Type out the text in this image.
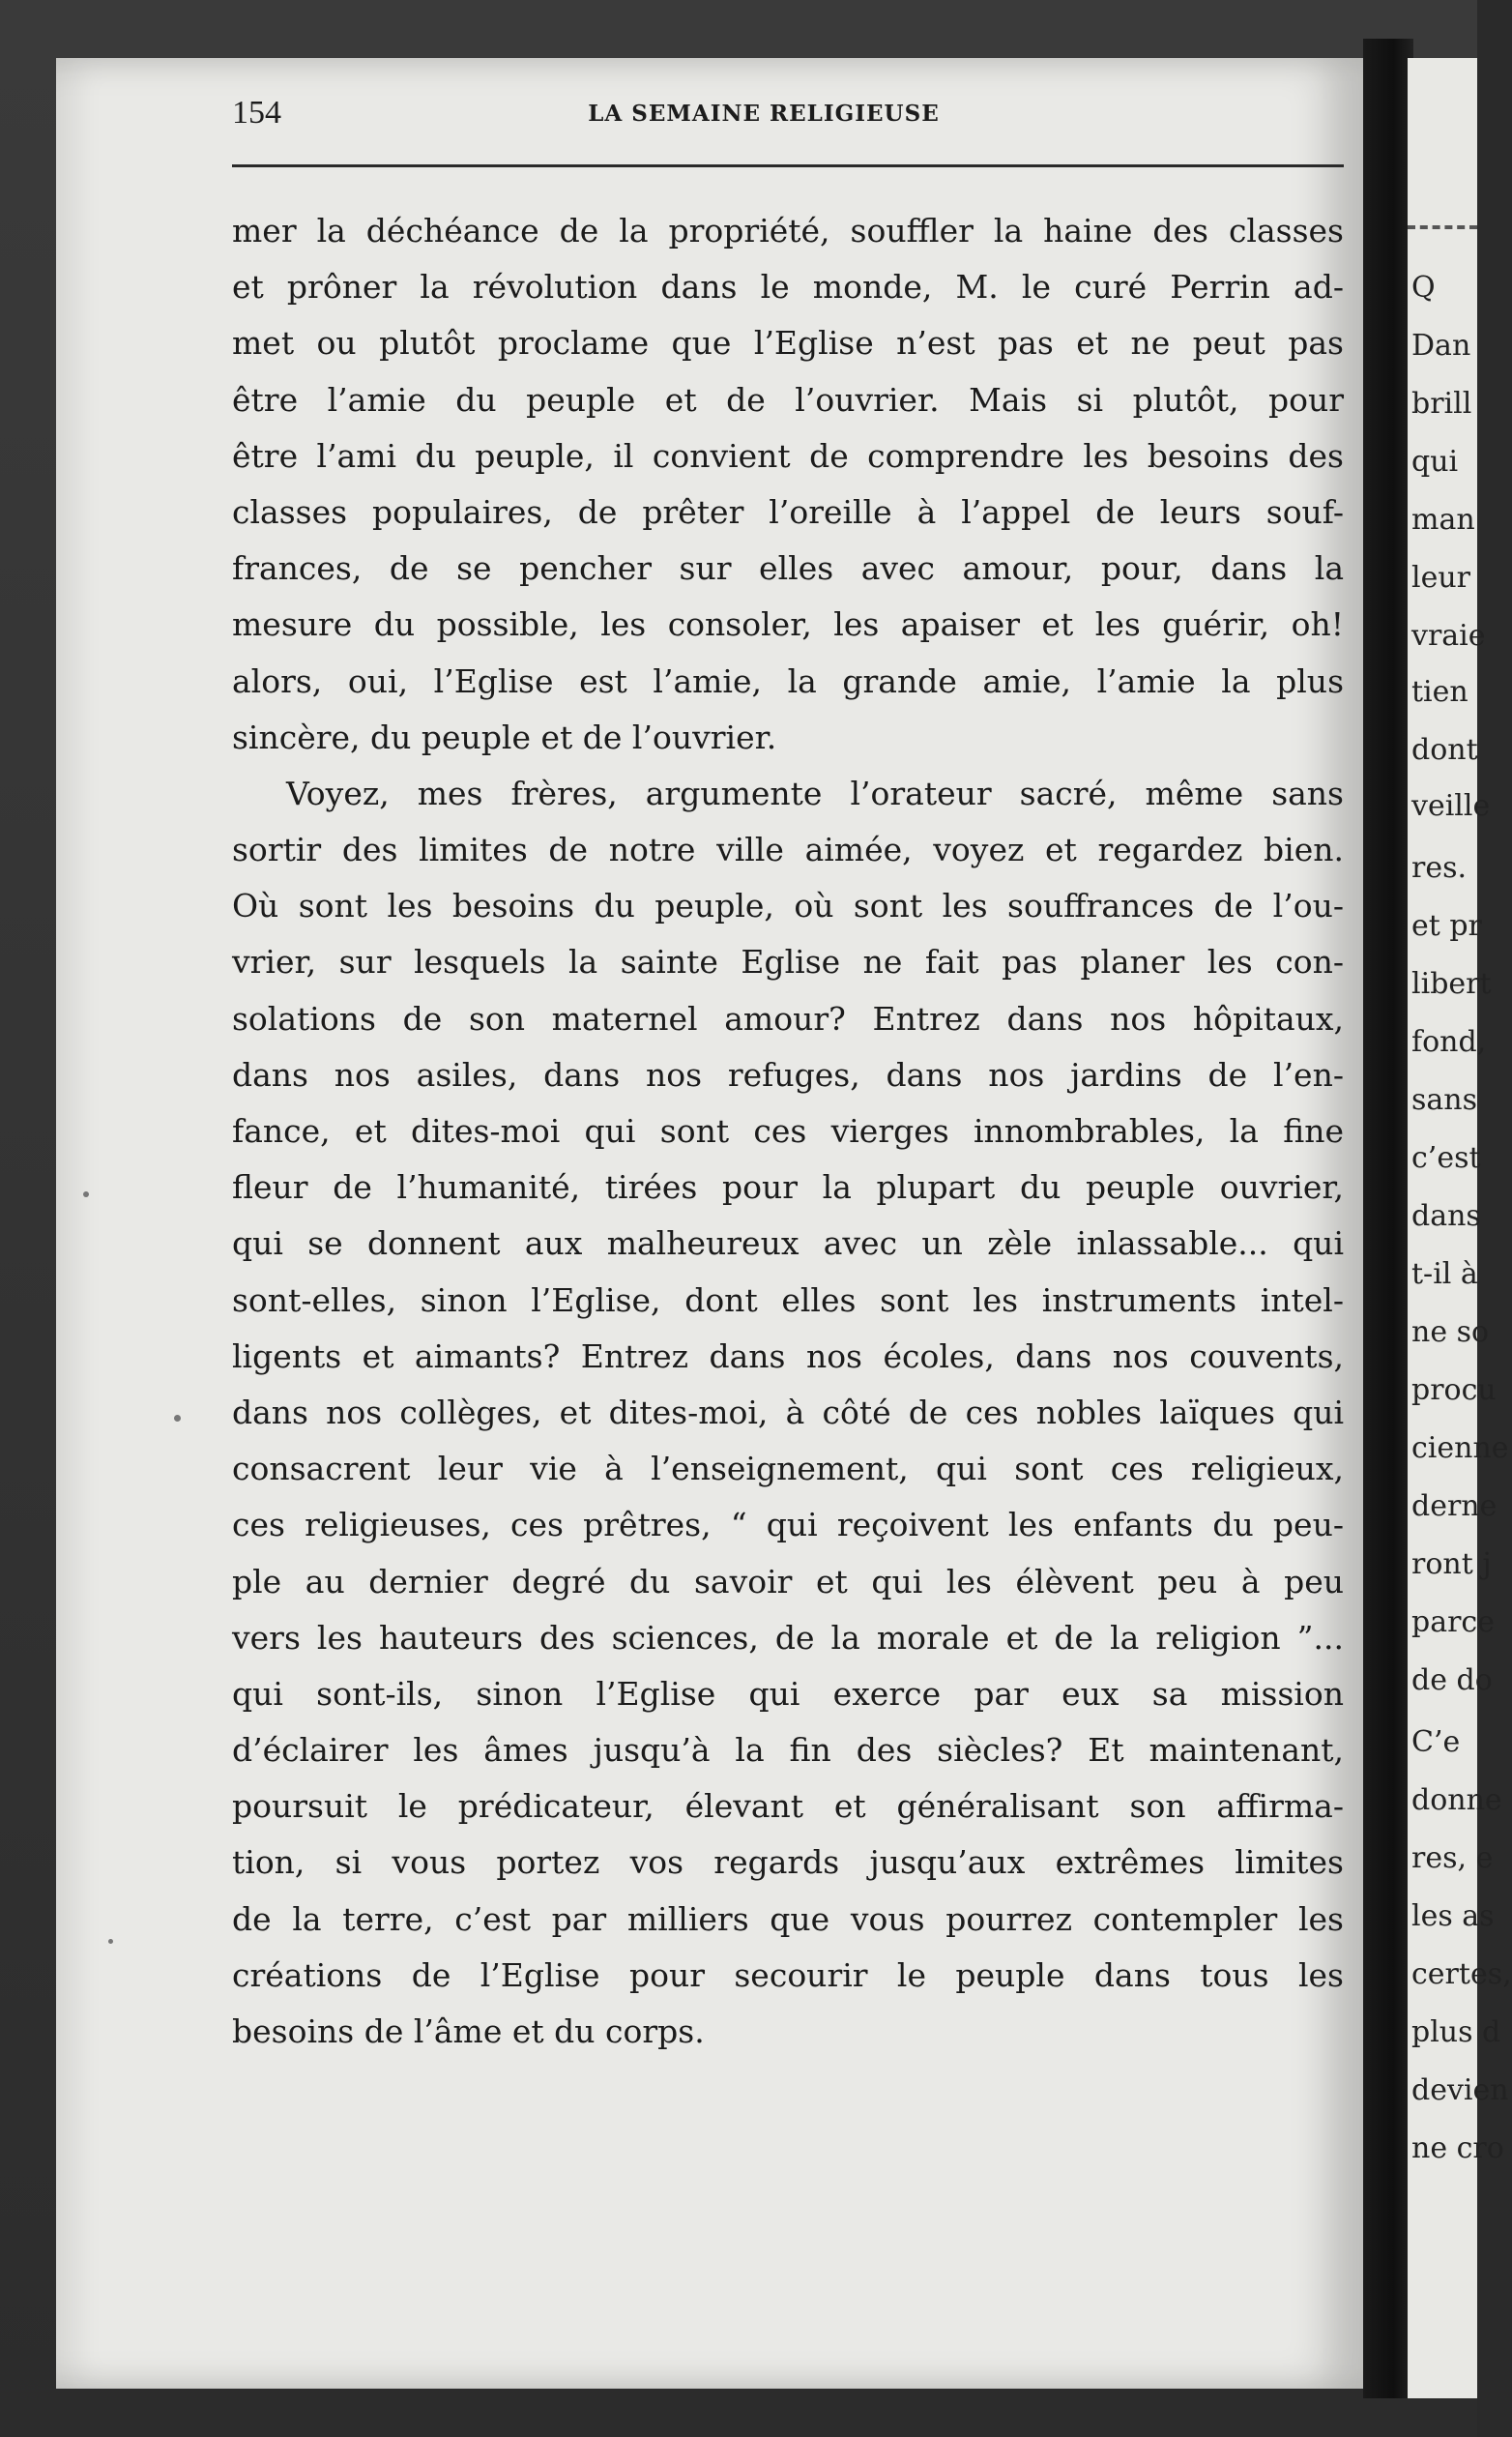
Q
Dan
brill
qui
man
leur
vraie
tien
dont
veille
res.
et pr
libert
fond,
sans
c’est
dans
t-il à
ne so
procu
cienne
derne
ront j
parce
de do
C’e
donne
res, e
les as
certes,
plus d
devien
ne cro
154	LA SEMAINE RELIGIEUSE
mer la déchéance de la propriété, souffler la haine des classes
et prôner la révolution dans le monde, M. le curé Perrin ad-
met ou plutôt proclame que l’Eglise n’est pas et ne peut pas
être l’amie du peuple et de l’ouvrier. Mais si plutôt, pour
être l’ami du peuple, il convient de comprendre les besoins des
classes populaires, de prêter l’oreille à l’appel de leurs souf-
frances, de se pencher sur elles avec amour, pour, dans la
mesure du possible, les consoler, les apaiser et les guérir, oh!
alors, oui, l’Eglise est l’amie, la grande amie, l’amie la plus
sincère, du peuple et de l’ouvrier.
Voyez, mes frères, argumente l’orateur sacré, même sans
sortir des limites de notre ville aimée, voyez et regardez bien.
Où sont les besoins du peuple, où sont les souffrances de l’ou-
vrier, sur lesquels la sainte Eglise ne fait pas planer les con-
solations de son maternel amour? Entrez dans nos hôpitaux,
dans nos asiles, dans nos refuges, dans nos jardins de l’en-
fance, et dites-moi qui sont ces vierges innombrables, la fine
fleur de l’humanité, tirées pour la plupart du peuple ouvrier,
qui se donnent aux malheureux avec un zèle inlassable... qui
sont-elles, sinon l’Eglise, dont elles sont les instruments intel-
ligents et aimants? Entrez dans nos écoles, dans nos couvents,
dans nos collèges, et dites-moi, à côté de ces nobles laïques qui
consacrent leur vie à l’enseignement, qui sont ces religieux,
ces religieuses, ces prêtres, “ qui reçoivent les enfants du peu-
ple au dernier degré du savoir et qui les élèvent peu à peu
vers les hauteurs des sciences, de la morale et de la religion ”...
qui sont-ils, sinon l’Eglise qui exerce par eux sa mission
d’éclairer les âmes jusqu’à la fin des siècles? Et maintenant,
poursuit le prédicateur, élevant et généralisant son affirma-
tion, si vous portez vos regards jusqu’aux extrêmes limites
de la terre, c’est par milliers que vous pourrez contempler les
créations de l’Eglise pour secourir le peuple dans tous les
besoins de l’âme et du corps.
